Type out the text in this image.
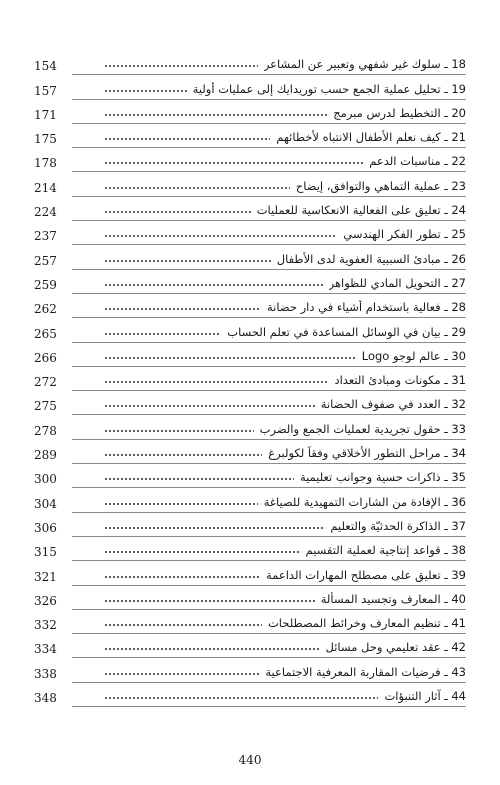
154	18 ـ سلوك غير شفهي وتعبير عن المشاعر
157	19 ـ تحليل عملية الجمع حسب توريدايك إلى عمليات أولية
171	20 ـ التخطيط لدرس مبرمج
175	21 ـ كيف نعلم الأطفال الانتباه لأخطائهم
178	22 ـ مناسبات الدعم
214	23 ـ عملية التماهي والتوافق، إيضاح
224	24 ـ تعليق على الفعالية الانعكاسية للعمليات
237	25 ـ تطور الفكر الهندسي
257	26 ـ مبادئ السببية العفوية لدى الأطفال
259	27 ـ التحويل المادي للظواهر
262	28 ـ فعالية باستخدام أشياء في دار حضانة
265	29 ـ بيان في الوسائل المساعدة في تعلم الحساب
266	30 ـ عالم لوجو Logo
272	31 ـ مكونات ومبادئ التعداد
275	32 ـ العدد في صفوف الحضانة
278	33 ـ حقول تجريدية لعمليات الجمع والضرب
289	34 ـ مراحل التطور الأخلاقي وفقاً لكولبرغ
300	35 ـ ذاكرات حسية وجوانب تعليمية
304	36 ـ الإفادة من الشارات التمهيدية للصياغة
306	37 ـ الذاكرة الحدثيّة والتعليم
315	38 ـ قواعد إنتاجية لعملية التقسيم
321	39 ـ تعليق على مصطلح المهارات الداعمة
326	40 ـ المعارف وتجسيد المسألة
332	41 ـ تنظيم المعارف وخرائط المصطلحات
334	42 ـ عقد تعليمي وحل مسائل
338	43 ـ فرضيات المقاربة المعرفية الاجتماعية
348	44 ـ آثار التنبؤات
440
